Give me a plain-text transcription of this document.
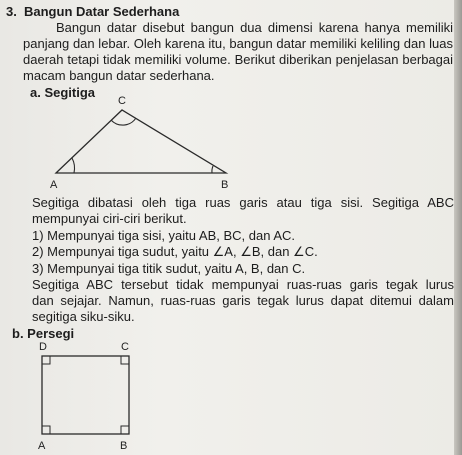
3. Bangun Datar Sederhana
Bangun datar disebut bangun dua dimensi karena hanya memiliki
panjang dan lebar. Oleh karena itu, bangun datar memiliki keliling dan luas
daerah tetapi tidak memiliki volume. Berikut diberikan penjelasan berbagai
macam bangun datar sederhana.
a. Segitiga
C
A	B
Segitiga dibatasi oleh tiga ruas garis atau tiga sisi. Segitiga ABC
mempunyai ciri-ciri berikut.
1) Mempunyai tiga sisi, yaitu AB, BC, dan AC.
2) Mempunyai tiga sudut, yaitu ∠A, ∠B, dan ∠C.
3) Mempunyai tiga titik sudut, yaitu A, B, dan C.
Segitiga ABC tersebut tidak mempunyai ruas-ruas garis tegak lurus
dan sejajar. Namun, ruas-ruas garis tegak lurus dapat ditemui dalam
segitiga siku-siku.
b. Persegi
D	C
A	B
